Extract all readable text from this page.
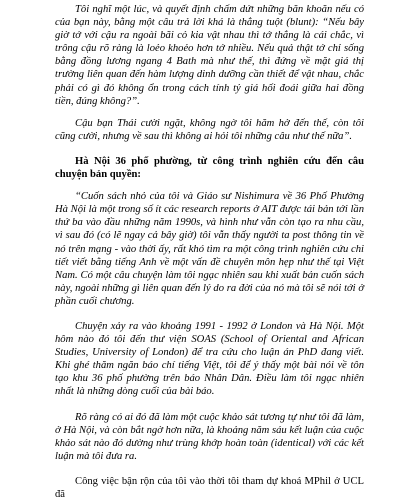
Tôi nghĩ một lúc, và quyết định chấm dứt những băn khoăn nếu có của bạn này, bằng một câu trả lời khá là thẳng tuột (blunt): “Nếu bây giờ tớ với cậu ra ngoài bãi cỏ kia vật nhau thì tớ thắng là cái chắc, vì trông cậu rõ ràng là loẻo khoẻo hơn tớ nhiều. Nếu quả thật tớ chỉ sống bằng đồng lương ngang 4 Bath mà như thế, thì đứng về mặt giá thị trường liên quan đến hàm lượng dinh dưỡng cần thiết để vật nhau, chắc phải có gì đó không ổn trong cách tính tỷ giá hối đoái giữa hai đồng tiền, đúng không?”.

Cậu bạn Thái cười ngặt, không ngờ tôi hăm hở đến thế, còn tôi cũng cười, nhưng về sau thì không ai hỏi tôi những câu như thế nữa”.

Hà Nội 36 phố phường, từ công trình nghiên cứu đến câu chuyện bản quyền:

“Cuốn sách nhỏ của tôi và Giáo sư Nishimura về 36 Phố Phường Hà Nội là một trong số ít các research reports ở AIT được tái bản tới lần thứ ba vào đầu những năm 1990s, và hình như vẫn còn tạo ra nhu cầu, vì sau đó (có lẽ ngay cả bây giờ) tôi vẫn thấy người ta post thông tin về nó trên mạng - vào thời ấy, rất khó tìm ra một công trình nghiên cứu chi tiết viết bằng tiếng Anh về một vấn đề chuyên môn hẹp như thế tại Việt Nam. Có một câu chuyện làm tôi ngạc nhiên sau khi xuất bản cuốn sách này, ngoài những gì liên quan đến lý do ra đời của nó mà tôi sẽ nói tới ở phần cuối chương.

Chuyện xảy ra vào khoảng 1991 - 1992 ở London và Hà Nội. Một hôm nào đó tôi đến thư viện SOAS (School of Oriental and African Studies, University of London) để tra cứu cho luận án PhD đang viết. Khi ghé thăm ngăn báo chí tiếng Việt, tôi để ý thấy một bài nói về tôn tạo khu 36 phố phường trên báo Nhân Dân. Điều làm tôi ngạc nhiên nhất là những dòng cuối của bài báo.

Rõ ràng có ai đó đã làm một cuộc khảo sát tương tự như tôi đã làm, ở Hà Nội, và còn bắt ngờ hơn nữa, là khoảng năm sáu kết luận của cuộc khảo sát nào đó dường như trùng khớp hoàn toàn (identical) với các kết luận mà tôi đưa ra.

Công việc bận rộn của tôi vào thời tôi tham dự khoá MPhil ở UCL đã
